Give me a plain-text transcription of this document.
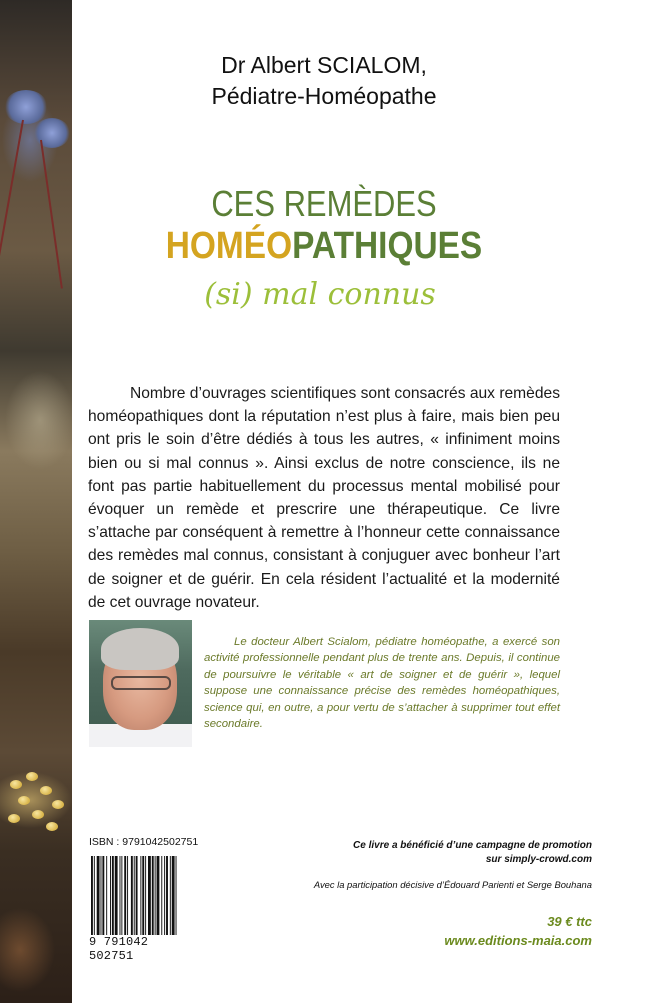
Dr Albert SCIALOM,
Pédiatre-Homéopathe
CES REMÈDES
HOMÉOPATHIQUES
(si) mal connus

Nombre d’ouvrages scientifiques sont consacrés aux remèdes homéopathiques dont la réputation n’est plus à faire, mais bien peu ont pris le soin d’être dédiés à tous les autres, « infiniment moins bien ou si mal connus ». Ainsi exclus de notre conscience, ils ne font pas partie habituellement du processus mental mobilisé pour évoquer un remède et prescrire une thérapeutique. Ce livre s’attache par conséquent à remettre à l’honneur cette connaissance des remèdes mal connus, consistant à conjuguer avec bonheur l’art de soigner et de guérir. En cela résident l’actualité et la modernité de cet ouvrage novateur.

Le docteur Albert Scialom, pédiatre homéopathe, a exercé son activité professionnelle pendant plus de trente ans. Depuis, il continue de poursuivre le véritable « art de soigner et de guérir », lequel suppose une connaissance précise des remèdes homéopathiques, science qui, en outre, a pour vertu de s’attacher à supprimer tout effet secondaire.

ISBN : 9791042502751
9 791042 502751
Ce livre a bénéficié d’une campagne de promotion
sur simply-crowd.com
Avec la participation décisive d’Édouard Parienti et Serge Bouhana
39 € ttc
www.editions-maia.com
